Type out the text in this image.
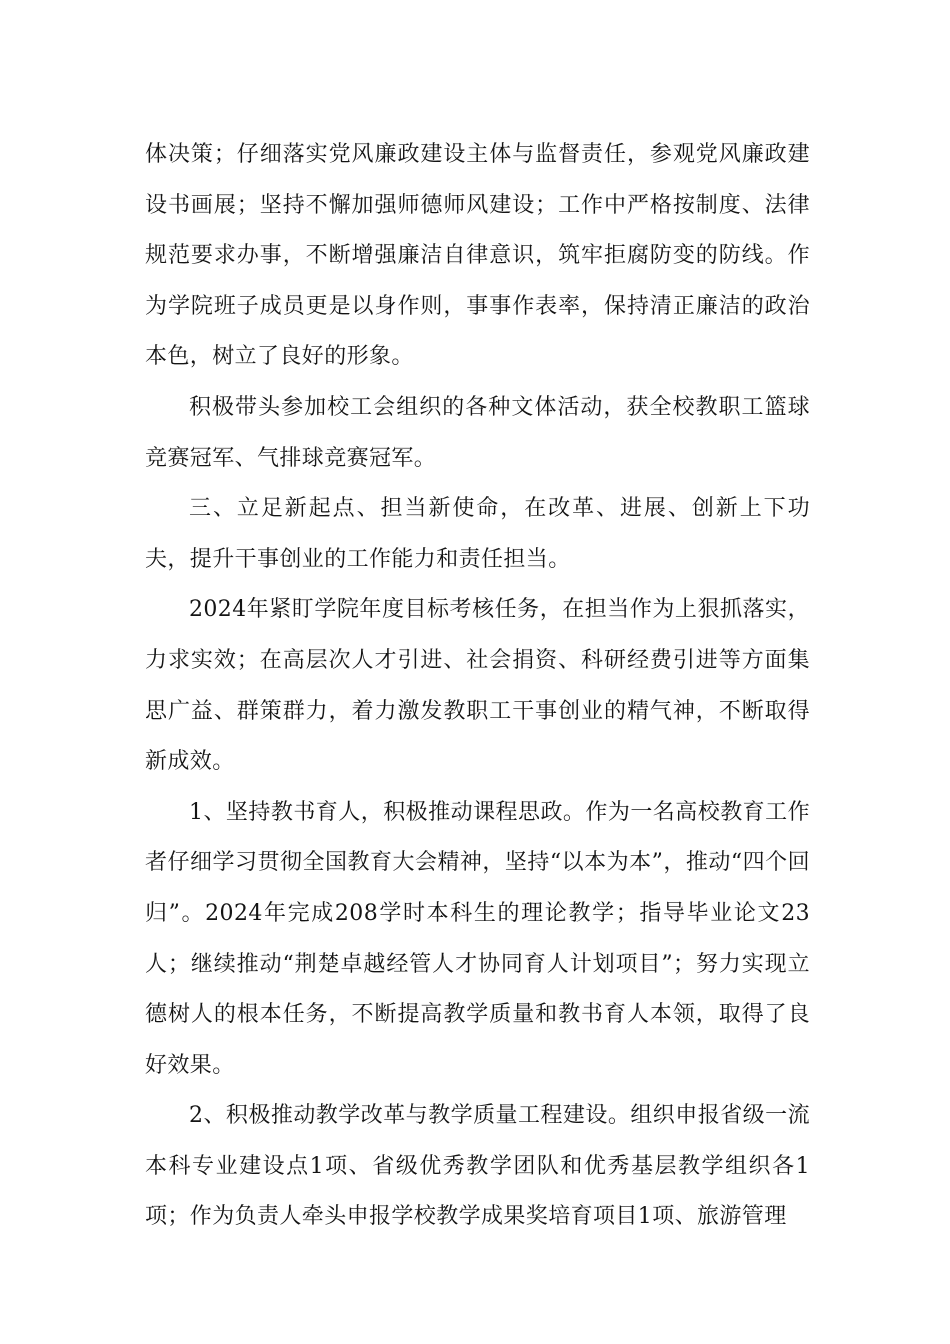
体决策；仔细落实党风廉政建设主体与监督责任，参观党风廉政建设书画展；坚持不懈加强师德师风建设；工作中严格按制度、法律规范要求办事，不断增强廉洁自律意识，筑牢拒腐防变的防线。作为学院班子成员更是以身作则，事事作表率，保持清正廉洁的政治本色，树立了良好的形象。

积极带头参加校工会组织的各种文体活动，获全校教职工篮球竞赛冠军、气排球竞赛冠军。

三、立足新起点、担当新使命，在改革、进展、创新上下功夫，提升干事创业的工作能力和责任担当。

2024年紧盯学院年度目标考核任务，在担当作为上狠抓落实，力求实效；在高层次人才引进、社会捐资、科研经费引进等方面集思广益、群策群力，着力激发教职工干事创业的精气神，不断取得新成效。

1、坚持教书育人，积极推动课程思政。作为一名高校教育工作者仔细学习贯彻全国教育大会精神，坚持“以本为本”，推动“四个回归”。2024年完成208学时本科生的理论教学；指导毕业论文23人；继续推动“荆楚卓越经管人才协同育人计划项目”；努力实现立德树人的根本任务，不断提高教学质量和教书育人本领，取得了良好效果。

2、积极推动教学改革与教学质量工程建设。组织申报省级一流本科专业建设点1项、省级优秀教学团队和优秀基层教学组织各1项；作为负责人牵头申报学校教学成果奖培育项目1项、旅游管理
